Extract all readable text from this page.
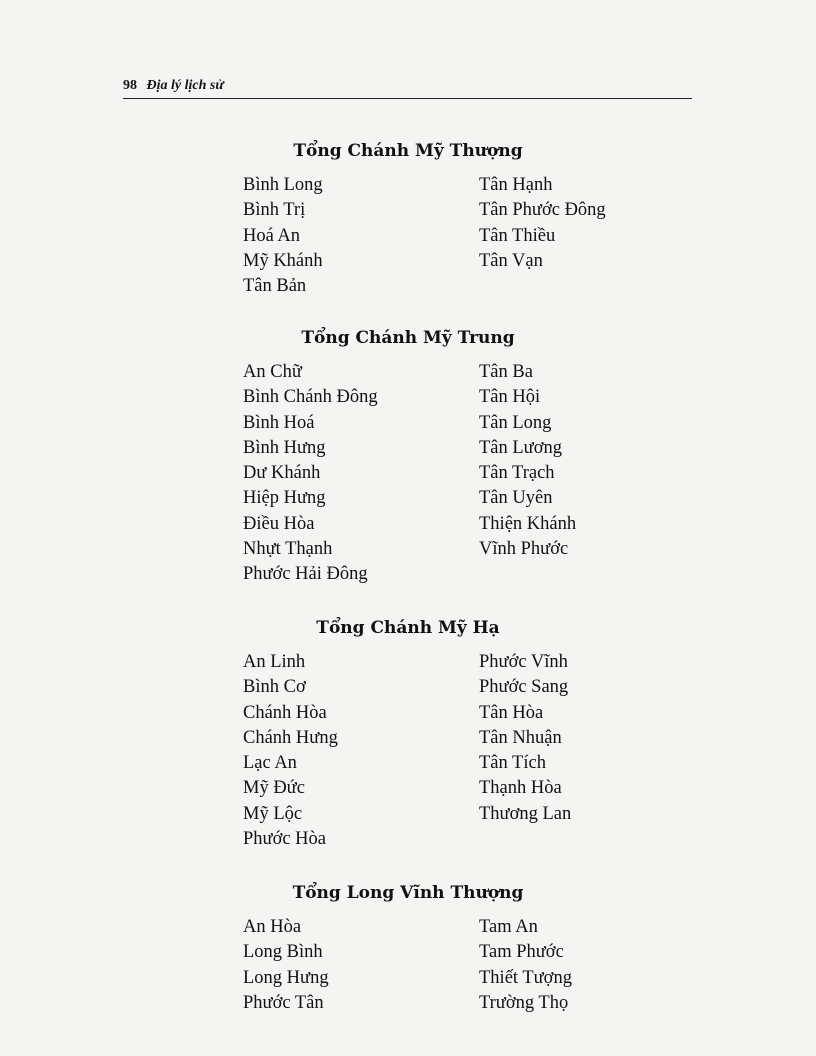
98 Địa lý lịch sử
Tổng Chánh Mỹ Thượng
Bình Long
Bình Trị
Hoá An
Mỹ Khánh
Tân Bản
Tân Hạnh
Tân Phước Đông
Tân Thiều
Tân Vạn
Tổng Chánh Mỹ Trung
An Chữ
Bình Chánh Đông
Bình Hoá
Bình Hưng
Dư Khánh
Hiệp Hưng
Điều Hòa
Nhựt Thạnh
Phước Hải Đông
Tân Ba
Tân Hội
Tân Long
Tân Lương
Tân Trạch
Tân Uyên
Thiện Khánh
Vĩnh Phước
Tổng Chánh Mỹ Hạ
An Linh
Bình Cơ
Chánh Hòa
Chánh Hưng
Lạc An
Mỹ Đức
Mỹ Lộc
Phước Hòa
Phước Vĩnh
Phước Sang
Tân Hòa
Tân Nhuận
Tân Tích
Thạnh Hòa
Thương Lan
Tổng Long Vĩnh Thượng
An Hòa
Long Bình
Long Hưng
Phước Tân
Tam An
Tam Phước
Thiết Tượng
Trường Thọ
